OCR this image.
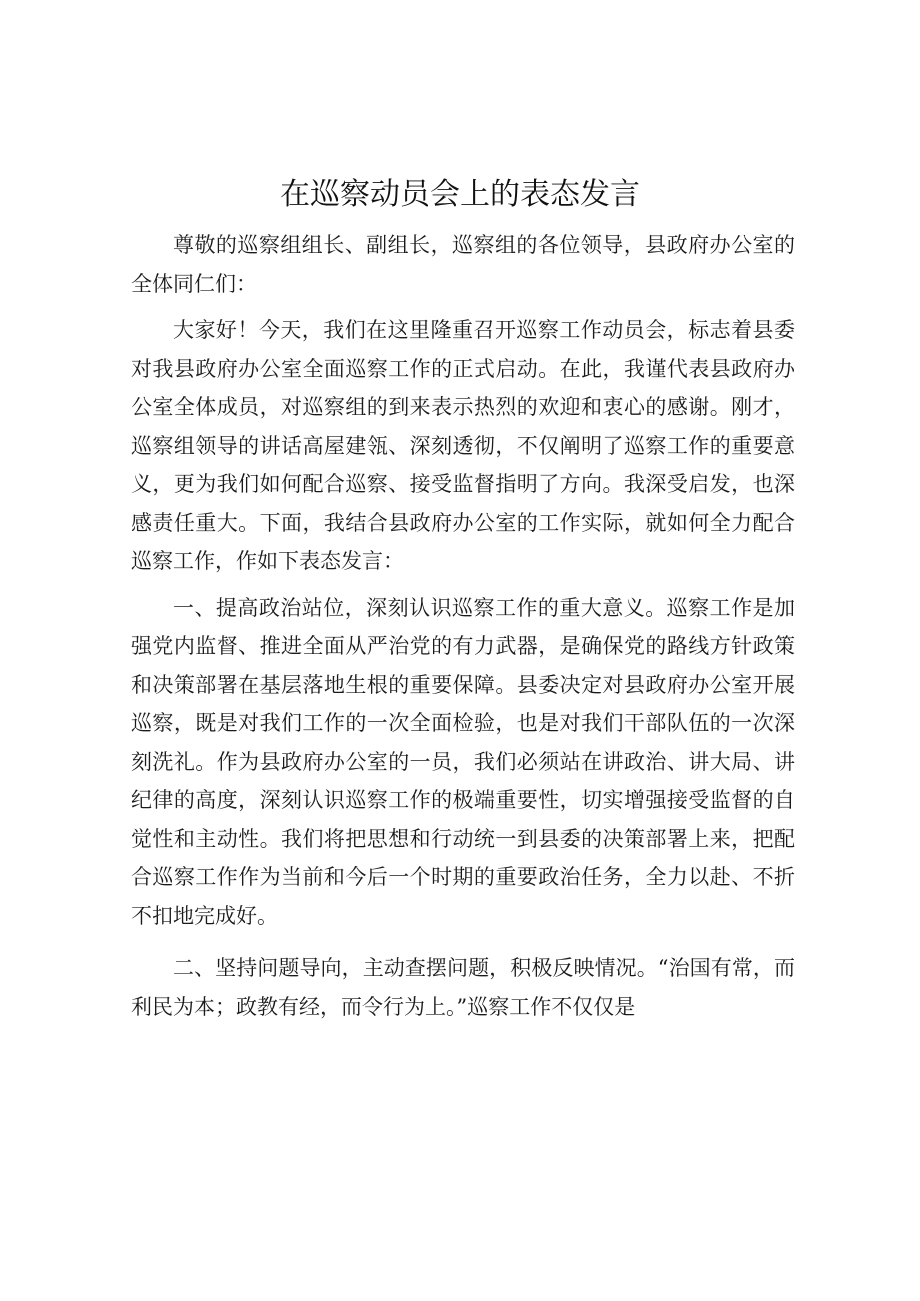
在巡察动员会上的表态发言

尊敬的巡察组组长、副组长，巡察组的各位领导，县政府办公室的全体同仁们：

大家好！今天，我们在这里隆重召开巡察工作动员会，标志着县委对我县政府办公室全面巡察工作的正式启动。在此，我谨代表县政府办公室全体成员，对巡察组的到来表示热烈的欢迎和衷心的感谢。刚才，巡察组领导的讲话高屋建瓴、深刻透彻，不仅阐明了巡察工作的重要意义，更为我们如何配合巡察、接受监督指明了方向。我深受启发，也深感责任重大。下面，我结合县政府办公室的工作实际，就如何全力配合巡察工作，作如下表态发言：

一、提高政治站位，深刻认识巡察工作的重大意义。巡察工作是加强党内监督、推进全面从严治党的有力武器，是确保党的路线方针政策和决策部署在基层落地生根的重要保障。县委决定对县政府办公室开展巡察，既是对我们工作的一次全面检验，也是对我们干部队伍的一次深刻洗礼。作为县政府办公室的一员，我们必须站在讲政治、讲大局、讲纪律的高度，深刻认识巡察工作的极端重要性，切实增强接受监督的自觉性和主动性。我们将把思想和行动统一到县委的决策部署上来，把配合巡察工作作为当前和今后一个时期的重要政治任务，全力以赴、不折不扣地完成好。

二、坚持问题导向，主动查摆问题，积极反映情况。“治国有常，而利民为本；政教有经，而令行为上。”巡察工作不仅仅是
